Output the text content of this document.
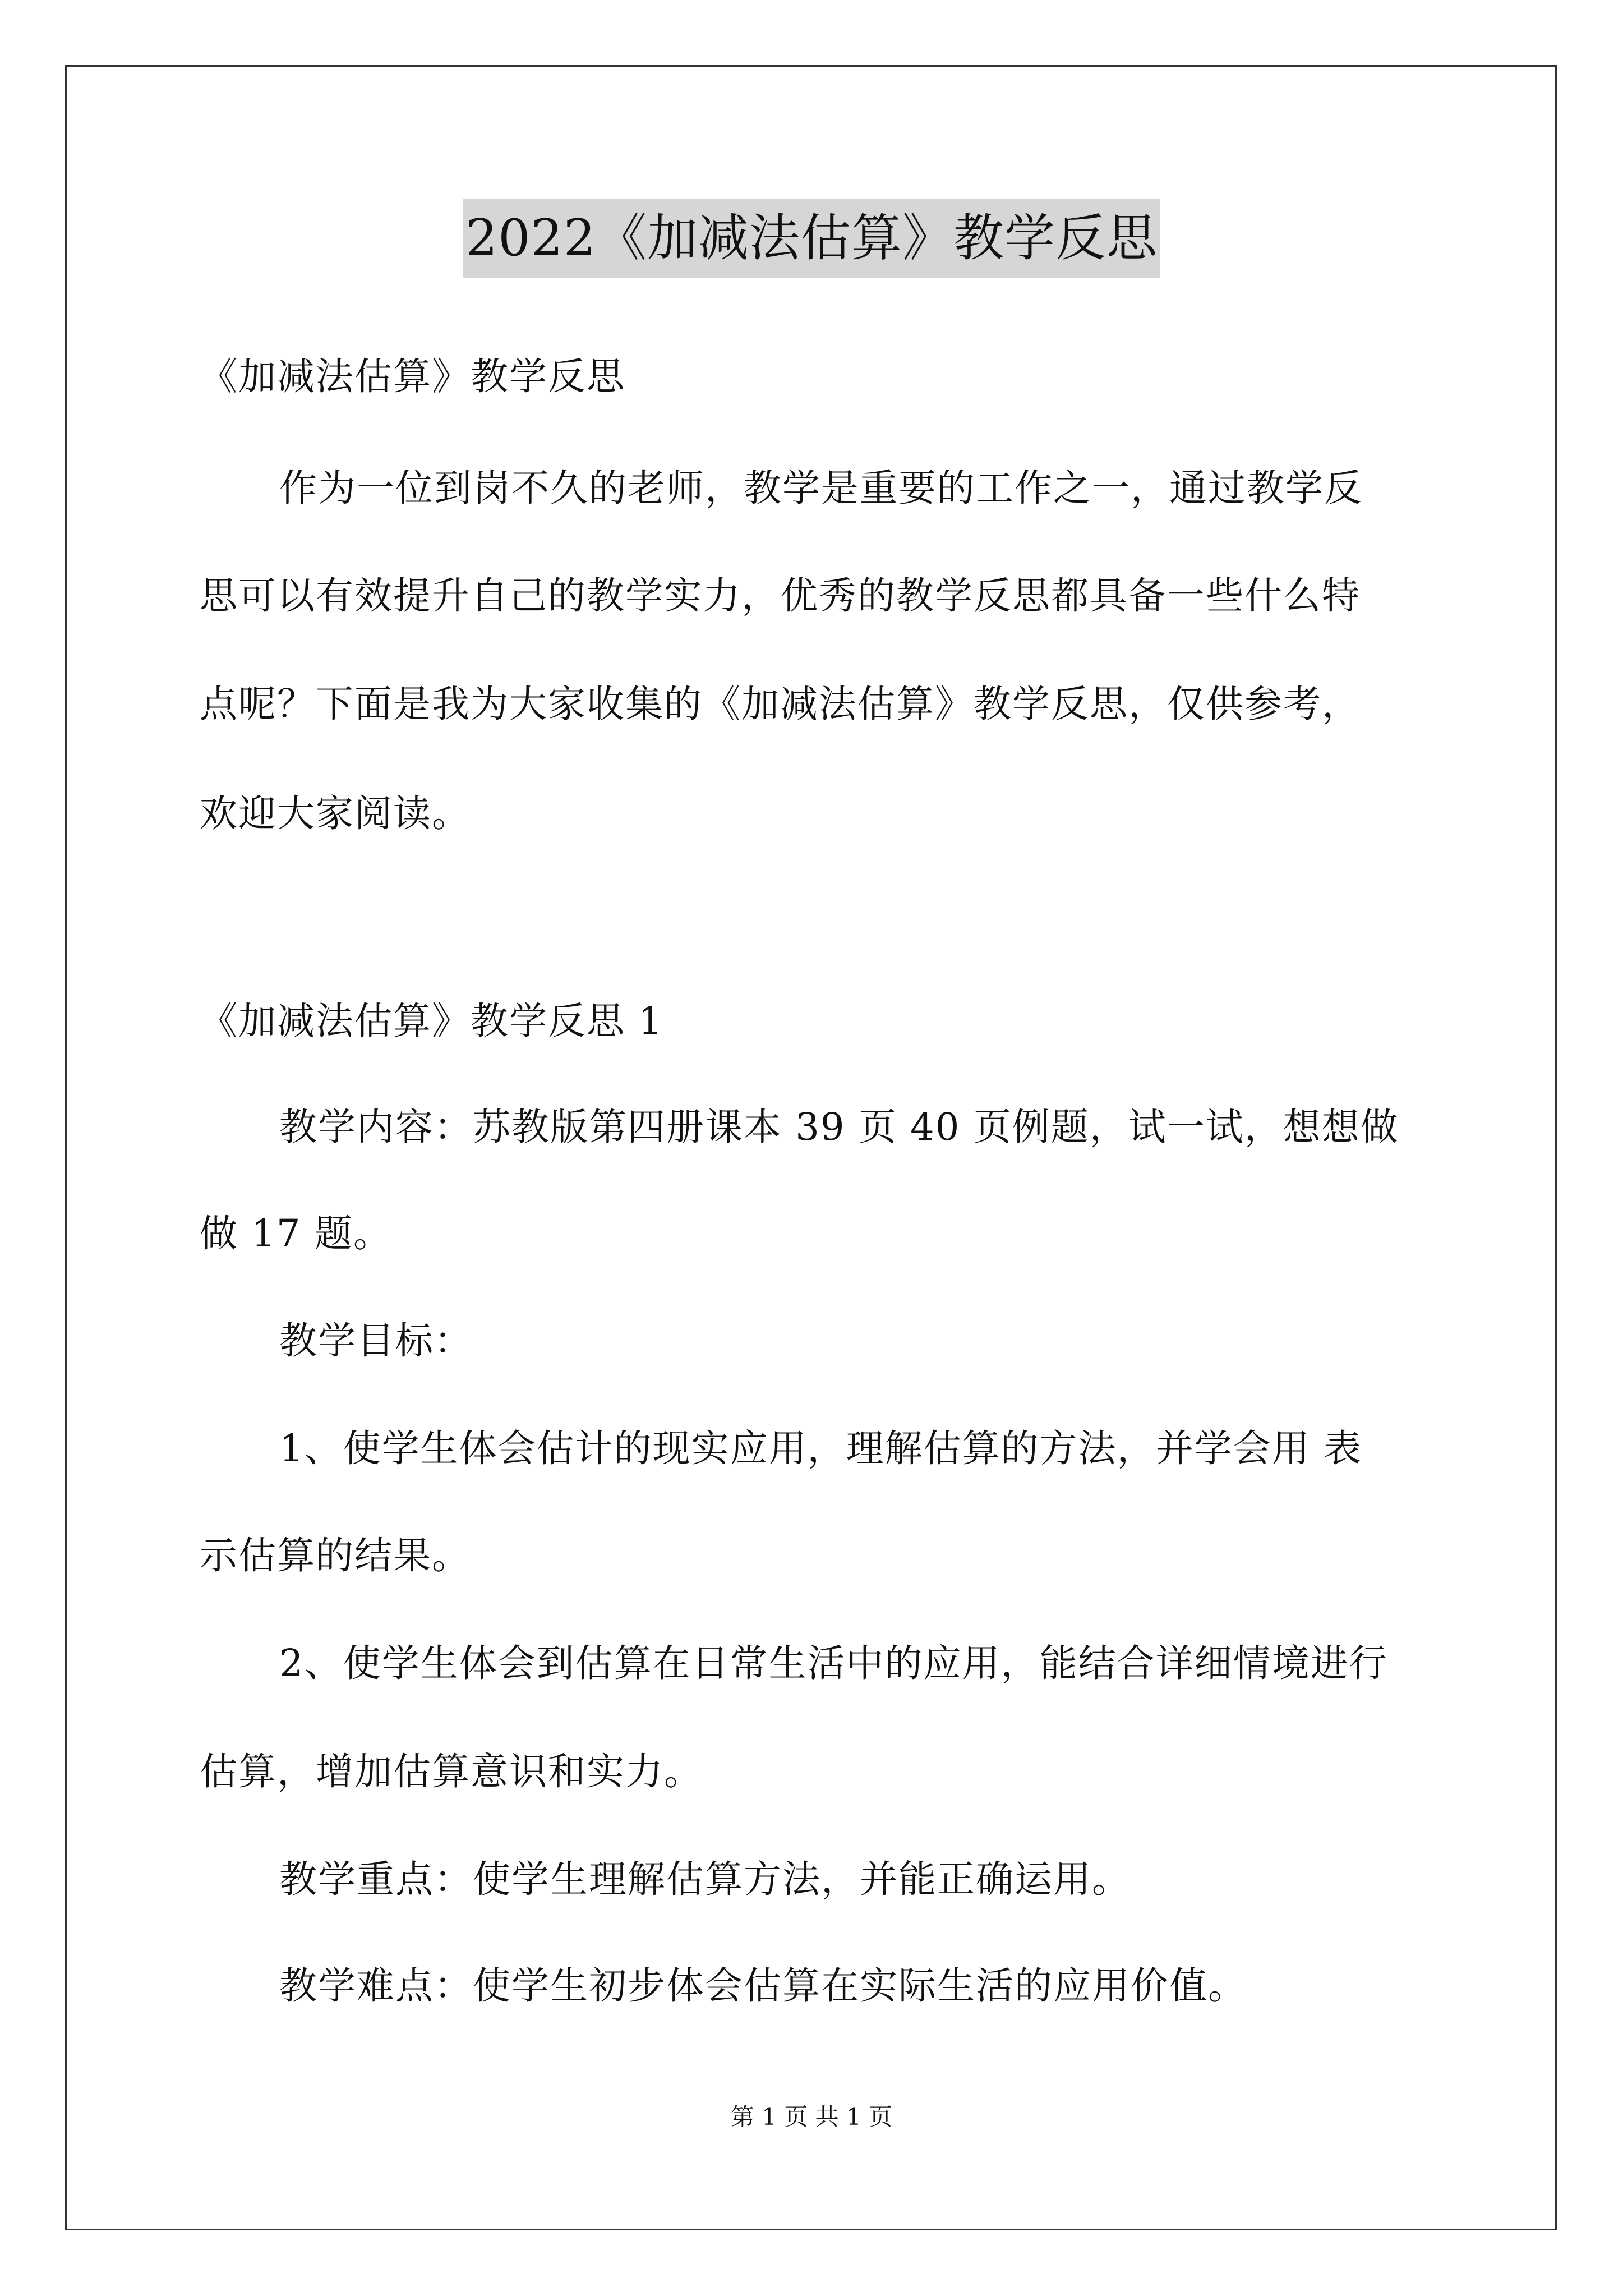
2022《加减法估算》教学反思
《加减法估算》教学反思
作为一位到岗不久的老师，教学是重要的工作之一，通过教学反
思可以有效提升自己的教学实力，优秀的教学反思都具备一些什么特
点呢？下面是我为大家收集的《加减法估算》教学反思，仅供参考，
欢迎大家阅读。
《加减法估算》教学反思 1
教学内容：苏教版第四册课本 39 页 40 页例题，试一试，想想做
做 17 题。
教学目标：
1、使学生体会估计的现实应用，理解估算的方法，并学会用 表
示估算的结果。
2、使学生体会到估算在日常生活中的应用，能结合详细情境进行
估算，增加估算意识和实力。
教学重点：使学生理解估算方法，并能正确运用。
教学难点：使学生初步体会估算在实际生活的应用价值。
第 1 页 共 1 页
